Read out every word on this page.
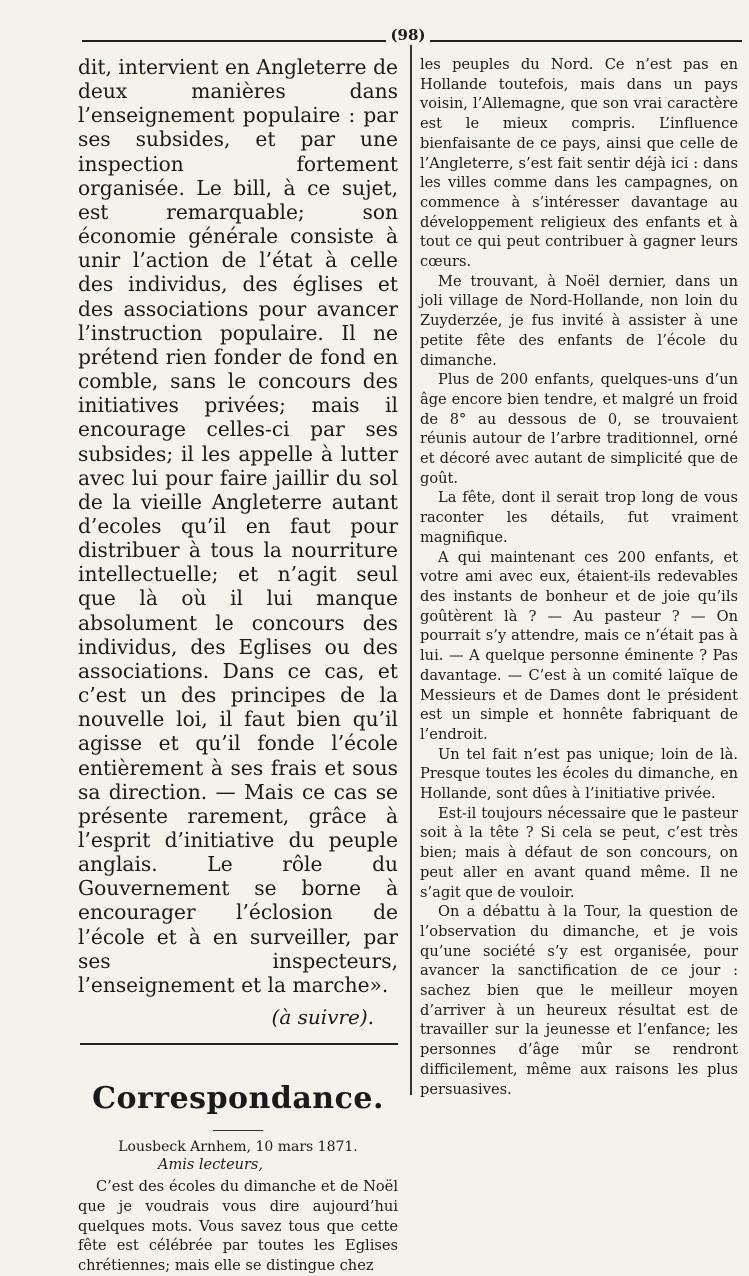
(98)

dit, intervient en Angleterre de deux manières dans l’enseignement populaire : par ses subsides, et par une inspection fortement organisée. Le bill, à ce sujet, est remarquable; son économie générale consiste à unir l’action de l’état à celle des individus, des églises et des associations pour avancer l’instruction populaire. Il ne prétend rien fonder de fond en comble, sans le concours des initiatives privées; mais il encourage celles-ci par ses subsides; il les appelle à lutter avec lui pour faire jaillir du sol de la vieille Angleterre autant d’ecoles qu’il en faut pour distribuer à tous la nourriture intellectuelle; et n’agit seul que là où il lui manque absolument le concours des individus, des Eglises ou des associations. Dans ce cas, et c’est un des principes de la nouvelle loi, il faut bien qu’il agisse et qu’il fonde l’école entièrement à ses frais et sous sa direction. — Mais ce cas se présente rarement, grâce à l’esprit d’initiative du peuple anglais. Le rôle du Gouvernement se borne à encourager l’éclosion de l’école et à en surveiller, par ses inspecteurs, l’enseignement et la marche».

(à suivre).
Correspondance.
Lousbeck Arnhem, 10 mars 1871.
Amis lecteurs,

C’est des écoles du dimanche et de Noël que je voudrais vous dire aujourd’hui quelques mots. Vous savez tous que cette fête est célébrée par toutes les Eglises chrétiennes; mais elle se distingue chez

les peuples du Nord. Ce n’est pas en Hollande toutefois, mais dans un pays voisin, l’Allemagne, que son vrai caractère est le mieux compris. L’influence bienfaisante de ce pays, ainsi que celle de l’Angleterre, s’est fait sentir déjà ici : dans les villes comme dans les campagnes, on commence à s’intéresser davantage au développement religieux des enfants et à tout ce qui peut contribuer à gagner leurs cœurs.

Me trouvant, à Noël dernier, dans un joli village de Nord-Hollande, non loin du Zuyderzée, je fus invité à assister à une petite fête des enfants de l’école du dimanche.

Plus de 200 enfants, quelques-uns d’un âge encore bien tendre, et malgré un froid de 8° au dessous de 0, se trouvaient réunis autour de l’arbre traditionnel, orné et décoré avec autant de simplicité que de goût.

La fête, dont il serait trop long de vous raconter les détails, fut vraiment magnifique.

A qui maintenant ces 200 enfants, et votre ami avec eux, étaient-ils redevables des instants de bonheur et de joie qu’ils goûtèrent là ? — Au pasteur ? — On pourrait s’y attendre, mais ce n’était pas à lui. — A quelque personne éminente ? Pas davantage. — C’est à un comité laïque de Messieurs et de Dames dont le président est un simple et honnête fabriquant de l’endroit.

Un tel fait n’est pas unique; loin de là. Presque toutes les écoles du dimanche, en Hollande, sont dûes à l’initiative privée.

Est-il toujours nécessaire que le pasteur soit à la tête ? Si cela se peut, c’est très bien; mais à défaut de son concours, on peut aller en avant quand même. Il ne s’agit que de vouloir.

On a débattu à la Tour, la question de l’observation du dimanche, et je vois qu’une société s’y est organisée, pour avancer la sanctification de ce jour : sachez bien que le meilleur moyen d’arriver à un heureux résultat est de travailler sur la jeunesse et l’enfance; les personnes d’âge mûr se rendront difficilement, même aux raisons les plus persuasives.
